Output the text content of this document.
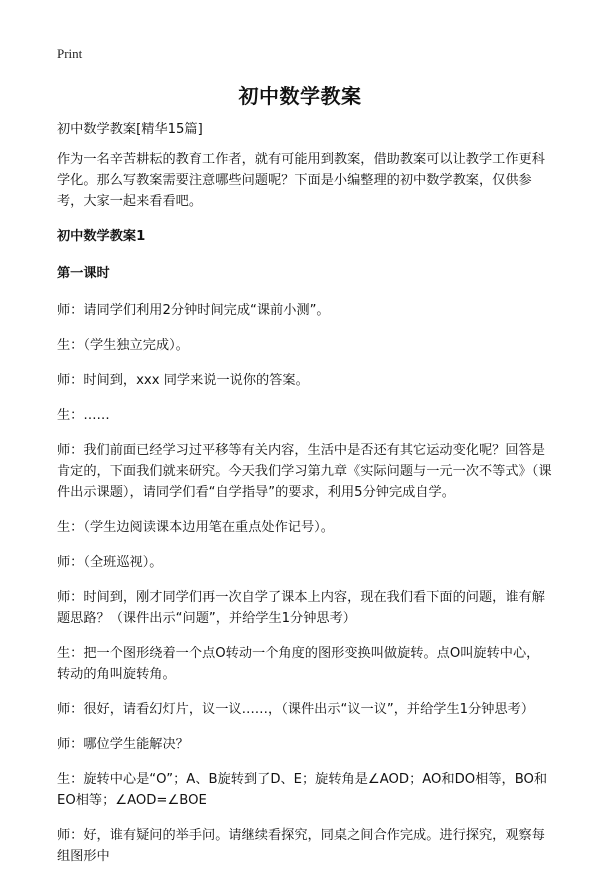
Print
初中数学教案

初中数学教案[精华15篇]

作为一名辛苦耕耘的教育工作者，就有可能用到教案，借助教案可以让教学工作更科学化。那么写教案需要注意哪些问题呢？下面是小编整理的初中数学教案，仅供参考，大家一起来看看吧。

初中数学教案1

第一课时

师：请同学们利用2分钟时间完成“课前小测”。

生：（学生独立完成）。

师：时间到，xxx 同学来说一说你的答案。

生：……

师：我们前面已经学习过平移等有关内容，生活中是否还有其它运动变化呢？回答是肯定的，下面我们就来研究。今天我们学习第九章《实际问题与一元一次不等式》（课件出示课题），请同学们看“自学指导”的要求，利用5分钟完成自学。

生：（学生边阅读课本边用笔在重点处作记号）。

师：（全班巡视）。

师：时间到，刚才同学们再一次自学了课本上内容，现在我们看下面的问题，谁有解题思路？（课件出示“问题”，并给学生1分钟思考）

生：把一个图形绕着一个点O转动一个角度的图形变换叫做旋转。点O叫旋转中心，转动的角叫旋转角。

师：很好，请看幻灯片，议一议……，（课件出示“议一议”，并给学生1分钟思考）

师：哪位学生能解决？

生：旋转中心是“O”；A、B旋转到了D、E；旋转角是∠AOD；AO和DO相等，BO和EO相等；∠AOD=∠BOE

师：好，谁有疑问的举手问。请继续看探究，同桌之间合作完成。进行探究，观察每组图形中
